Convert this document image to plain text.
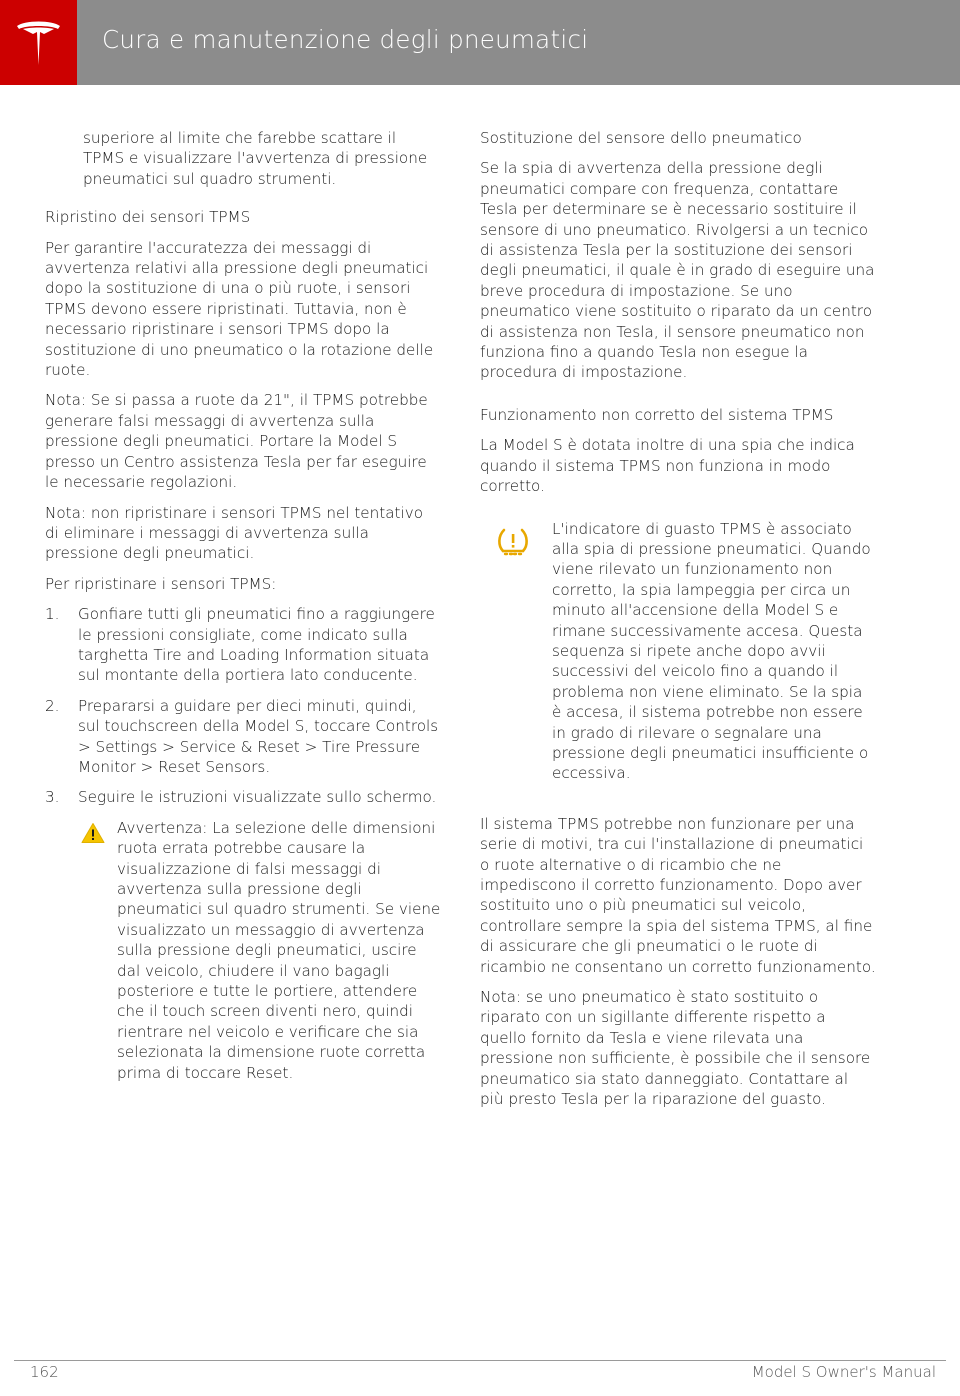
Cura e manutenzione degli pneumatici

superiore al limite che farebbe scattare il TPMS e visualizzare l'avvertenza di pressione pneumatici sul quadro strumenti.

Ripristino dei sensori TPMS

Per garantire l'accuratezza dei messaggi di avvertenza relativi alla pressione degli pneumatici dopo la sostituzione di una o più ruote, i sensori TPMS devono essere ripristinati. Tuttavia, non è necessario ripristinare i sensori TPMS dopo la sostituzione di uno pneumatico o la rotazione delle ruote.

Nota: Se si passa a ruote da 21", il TPMS potrebbe generare falsi messaggi di avvertenza sulla pressione degli pneumatici. Portare la Model S presso un Centro assistenza Tesla per far eseguire le necessarie regolazioni.

Nota: non ripristinare i sensori TPMS nel tentativo di eliminare i messaggi di avvertenza sulla pressione degli pneumatici.

Per ripristinare i sensori TPMS:

1. Gonfiare tutti gli pneumatici fino a raggiungere le pressioni consigliate, come indicato sulla targhetta Tire and Loading Information situata sul montante della portiera lato conducente.
2. Prepararsi a guidare per dieci minuti, quindi, sul touchscreen della Model S, toccare Controls > Settings > Service & Reset > Tire Pressure Monitor > Reset Sensors.
3. Seguire le istruzioni visualizzate sullo schermo.
Avvertenza: La selezione delle dimensioni ruota errata potrebbe causare la visualizzazione di falsi messaggi di avvertenza sulla pressione degli pneumatici sul quadro strumenti. Se viene visualizzato un messaggio di avvertenza sulla pressione degli pneumatici, uscire dal veicolo, chiudere il vano bagagli posteriore e tutte le portiere, attendere che il touch screen diventi nero, quindi rientrare nel veicolo e verificare che sia selezionata la dimensione ruote corretta prima di toccare Reset.

Sostituzione del sensore dello pneumatico

Se la spia di avvertenza della pressione degli pneumatici compare con frequenza, contattare Tesla per determinare se è necessario sostituire il sensore di uno pneumatico. Rivolgersi a un tecnico di assistenza Tesla per la sostituzione dei sensori degli pneumatici, il quale è in grado di eseguire una breve procedura di impostazione. Se uno pneumatico viene sostituito o riparato da un centro di assistenza non Tesla, il sensore pneumatico non funziona fino a quando Tesla non esegue la procedura di impostazione.

Funzionamento non corretto del sistema TPMS

La Model S è dotata inoltre di una spia che indica quando il sistema TPMS non funziona in modo corretto.

L'indicatore di guasto TPMS è associato alla spia di pressione pneumatici. Quando viene rilevato un funzionamento non corretto, la spia lampeggia per circa un minuto all'accensione della Model S e rimane successivamente accesa. Questa sequenza si ripete anche dopo avvii successivi del veicolo fino a quando il problema non viene eliminato. Se la spia è accesa, il sistema potrebbe non essere in grado di rilevare o segnalare una pressione degli pneumatici insufficiente o eccessiva.

Il sistema TPMS potrebbe non funzionare per una serie di motivi, tra cui l'installazione di pneumatici o ruote alternative o di ricambio che ne impediscono il corretto funzionamento. Dopo aver sostituito uno o più pneumatici sul veicolo, controllare sempre la spia del sistema TPMS, al fine di assicurare che gli pneumatici o le ruote di ricambio ne consentano un corretto funzionamento.

Nota: se uno pneumatico è stato sostituito o riparato con un sigillante differente rispetto a quello fornito da Tesla e viene rilevata una pressione non sufficiente, è possibile che il sensore pneumatico sia stato danneggiato. Contattare al più presto Tesla per la riparazione del guasto.

162	Model S Owner's Manual
